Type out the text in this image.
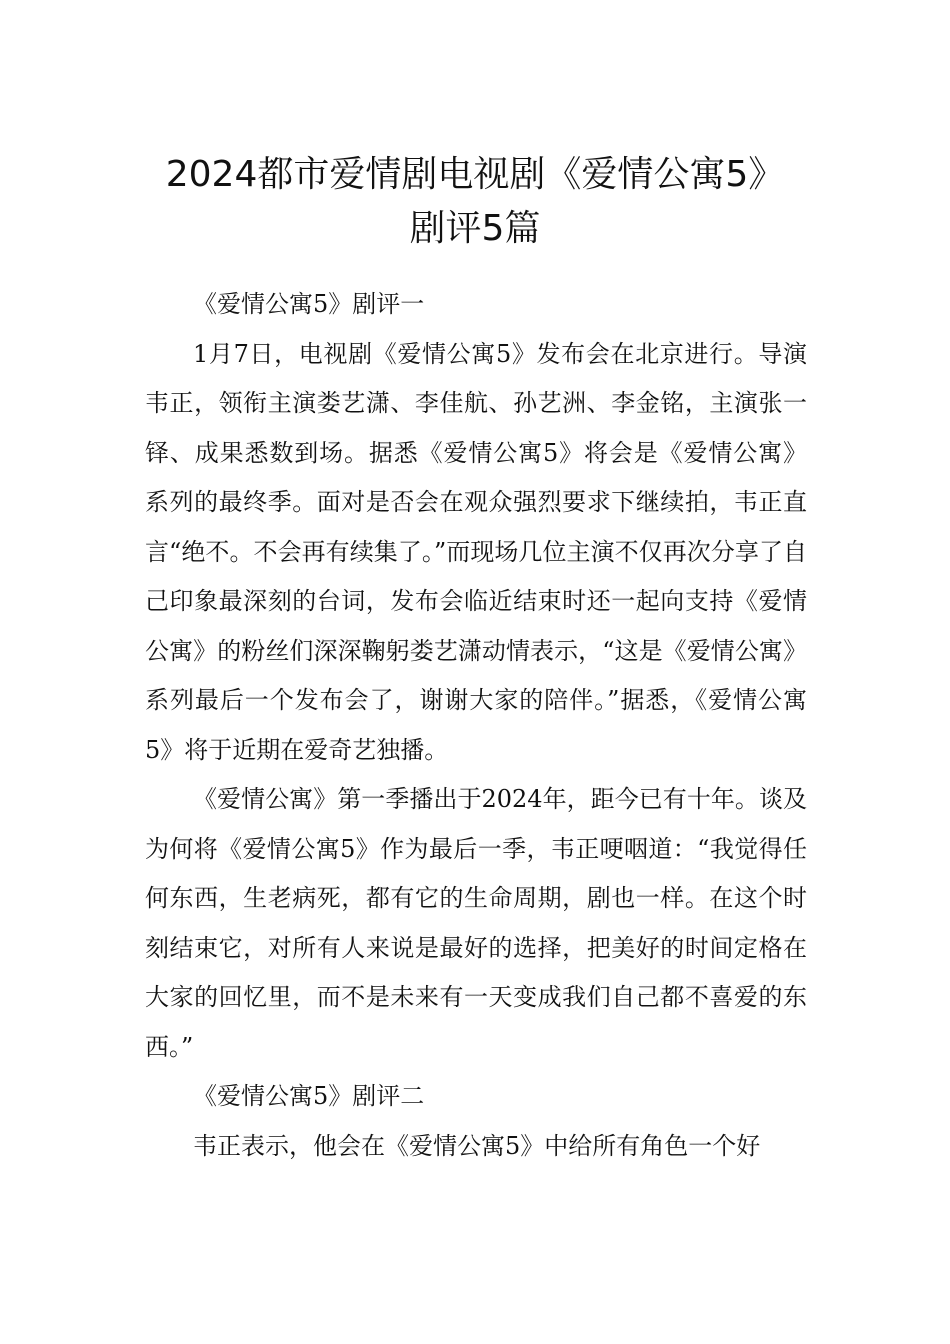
2024都市爱情剧电视剧《爱情公寓5》
剧评5篇

《爱情公寓5》剧评一

1月7日，电视剧《爱情公寓5》发布会在北京进行。导演韦正，领衔主演娄艺潇、李佳航、孙艺洲、李金铭，主演张一铎、成果悉数到场。据悉《爱情公寓5》将会是《爱情公寓》系列的最终季。面对是否会在观众强烈要求下继续拍，韦正直言“绝不。不会再有续集了。”而现场几位主演不仅再次分享了自己印象最深刻的台词，发布会临近结束时还一起向支持《爱情公寓》的粉丝们深深鞠躬娄艺潇动情表示，“这是《爱情公寓》系列最后一个发布会了，谢谢大家的陪伴。”据悉，《爱情公寓5》将于近期在爱奇艺独播。

《爱情公寓》第一季播出于2024年，距今已有十年。谈及为何将《爱情公寓5》作为最后一季，韦正哽咽道：“我觉得任何东西，生老病死，都有它的生命周期，剧也一样。在这个时刻结束它，对所有人来说是最好的选择，把美好的时间定格在大家的回忆里，而不是未来有一天变成我们自己都不喜爱的东西。”

《爱情公寓5》剧评二

韦正表示，他会在《爱情公寓5》中给所有角色一个好
